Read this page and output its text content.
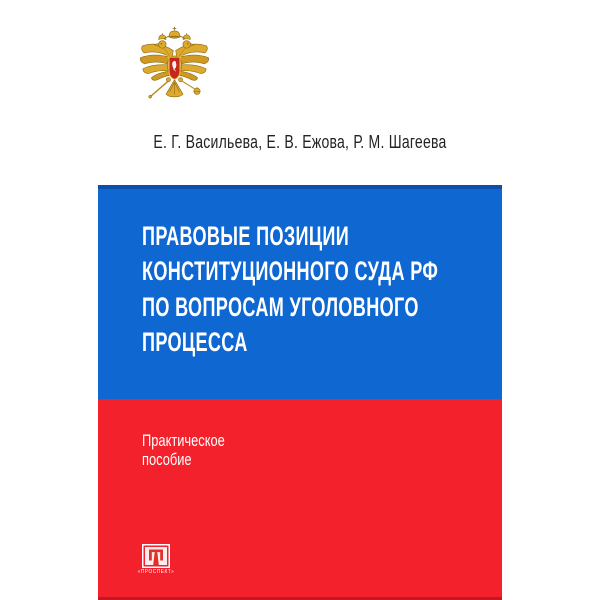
Е. Г. Васильева, Е. В. Ежова, Р. М. Шагеева
ПРАВОВЫЕ ПОЗИЦИИ
КОНСТИТУЦИОННОГО СУДА РФ
ПО ВОПРОСАМ УГОЛОВНОГО
ПРОЦЕССА
Практическое
пособие
«ПРОСПЕКТ»
